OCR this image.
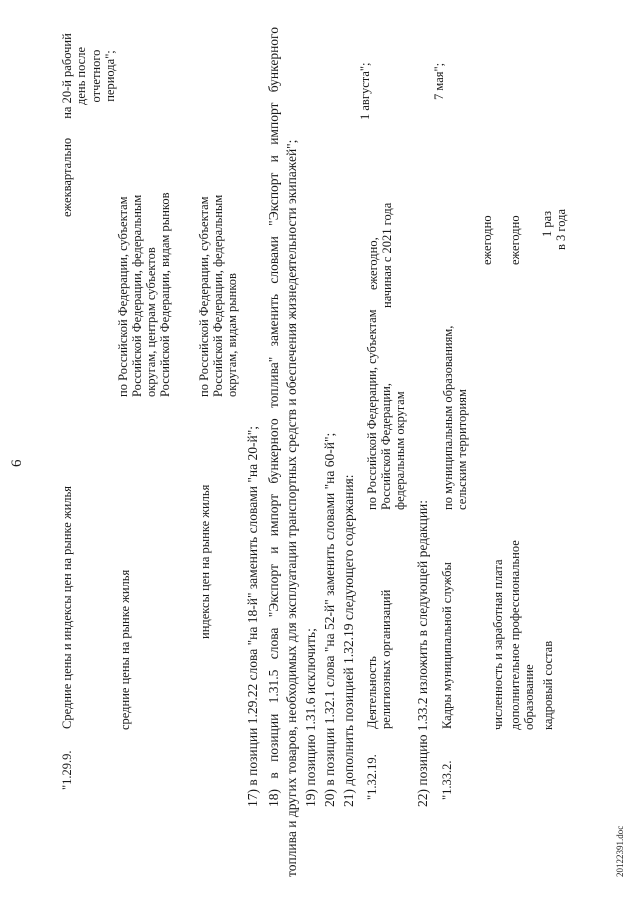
6
20122391.doc
"1.29.9.
Средние цены и индексы цен на рынке жилья
ежеквартально
на 20-й рабочий день после отчетного периода";
средние цены на рынке жилья
по Российской Федерации, субъектам Российской Федерации, федеральным округам, центрам субъектов Российской Федерации, видам рынков
индексы цен на рынке жилья
по Российской Федерации, субъектам Российской Федерации, федеральным округам, видам рынков
17) в позиции 1.29.22 слова "на 18-й" заменить словами "на 20-й"; 18) в позиции 1.31.5 слова "Экспорт и импорт бункерного топлива" заменить словами "Экспорт и импорт бункерного топлива и других товаров, необходимых для эксплуатации транспортных средств и обеспечения жизнедеятельности экипажей"; 19) позицию 1.31.6 исключить; 20) в позиции 1.32.1 слова "на 52-й" заменить словами "на 60-й"; 21) дополнить позицией 1.32.19 следующего содержания: "1.32.19.
Деятельность религиозных организаций
по Российской Федерации, субъектам Российской Федерации, федеральным округам
ежегодно, начиная с 2021 года
1 августа";
22) позицию 1.33.2 изложить в следующей редакции: "1.33.2.
Кадры муниципальной службы
по муниципальным образованиям, сельским территориям
7 мая";
численность и заработная плата
ежегодно
дополнительное профессиональное образование
ежегодно
кадровый состав
1 раз в 3 года
